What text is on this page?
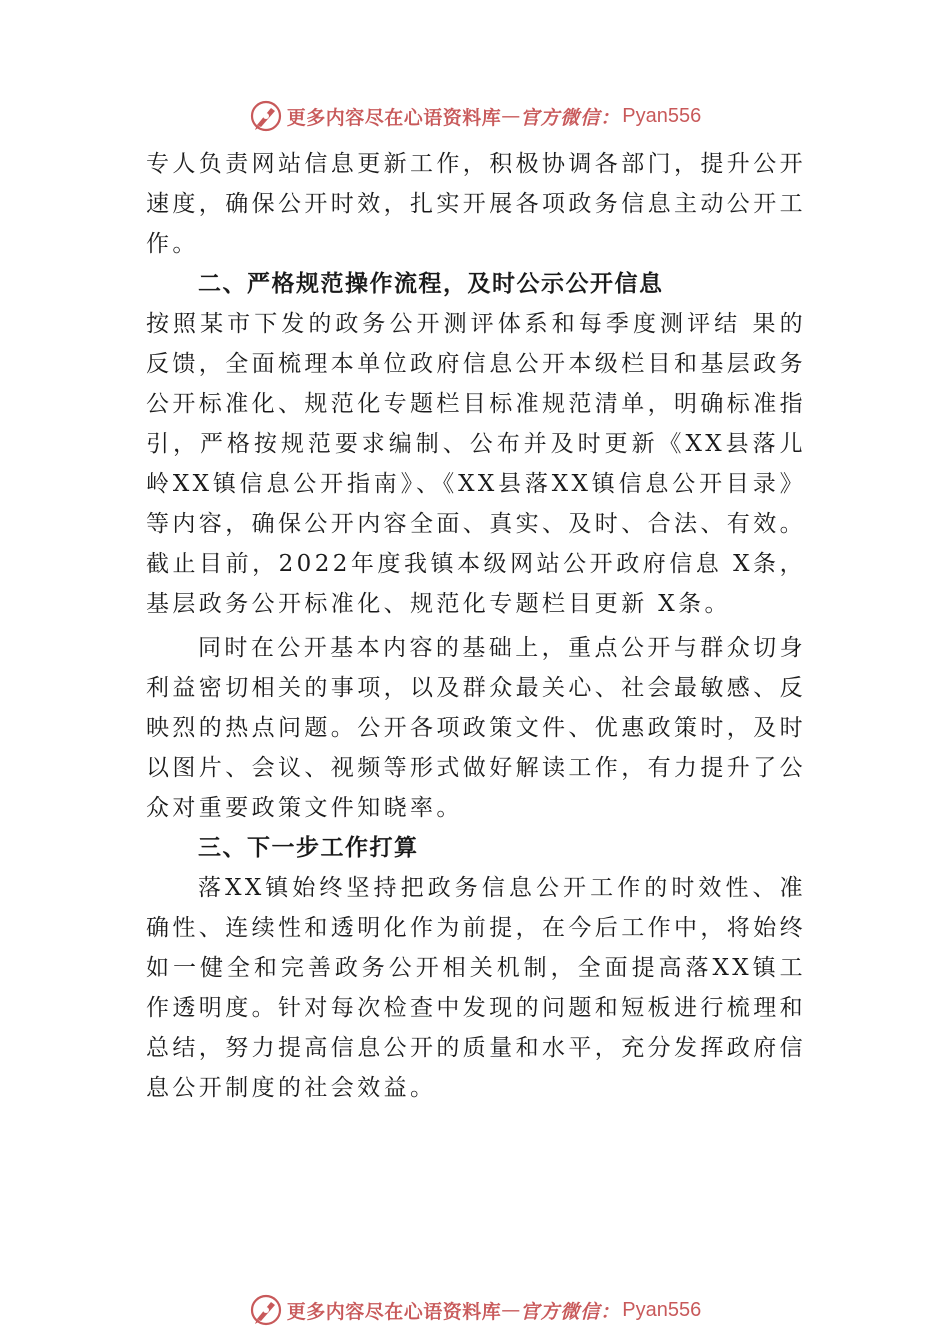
更多内容尽在心语资料库 — 官方微信： Pyan556

专人负责网站信息更新工作，积极协调各部门，提升公开速度，确保公开时效，扎实开展各项政务信息主动公开工作。

二、严格规范操作流程，及时公示公开信息

按照某市下发的政务公开测评体系和每季度测评结 果的反馈，全面梳理本单位政府信息公开本级栏目和基层政务公开标准化、规范化专题栏目标准规范清单，明确标准指引，严格按规范要求编制、公布并及时更新《XX县落儿岭XX镇信息公开指南》、《XX县落XX镇信息公开目录》等内容，确保公开内容全面、真实、及时、合法、有效。截止目前，2022年度我镇本级网站公开政府信息 X条，基层政务公开标准化、规范化专题栏目更新 X条。

同时在公开基本内容的基础上，重点公开与群众切身利益密切相关的事项，以及群众最关心、社会最敏感、反映烈的热点问题。公开各项政策文件、优惠政策时，及时以图片、会议、视频等形式做好解读工作，有力提升了公众对重要政策文件知晓率。

三、下一步工作打算

落XX镇始终坚持把政务信息公开工作的时效性、准确性、连续性和透明化作为前提，在今后工作中，将始终如一健全和完善政务公开相关机制，全面提高落XX镇工作透明度。针对每次检查中发现的问题和短板进行梳理和总结，努力提高信息公开的质量和水平，充分发挥政府信息公开制度的社会效益。

更多内容尽在心语资料库 — 官方微信： Pyan556
